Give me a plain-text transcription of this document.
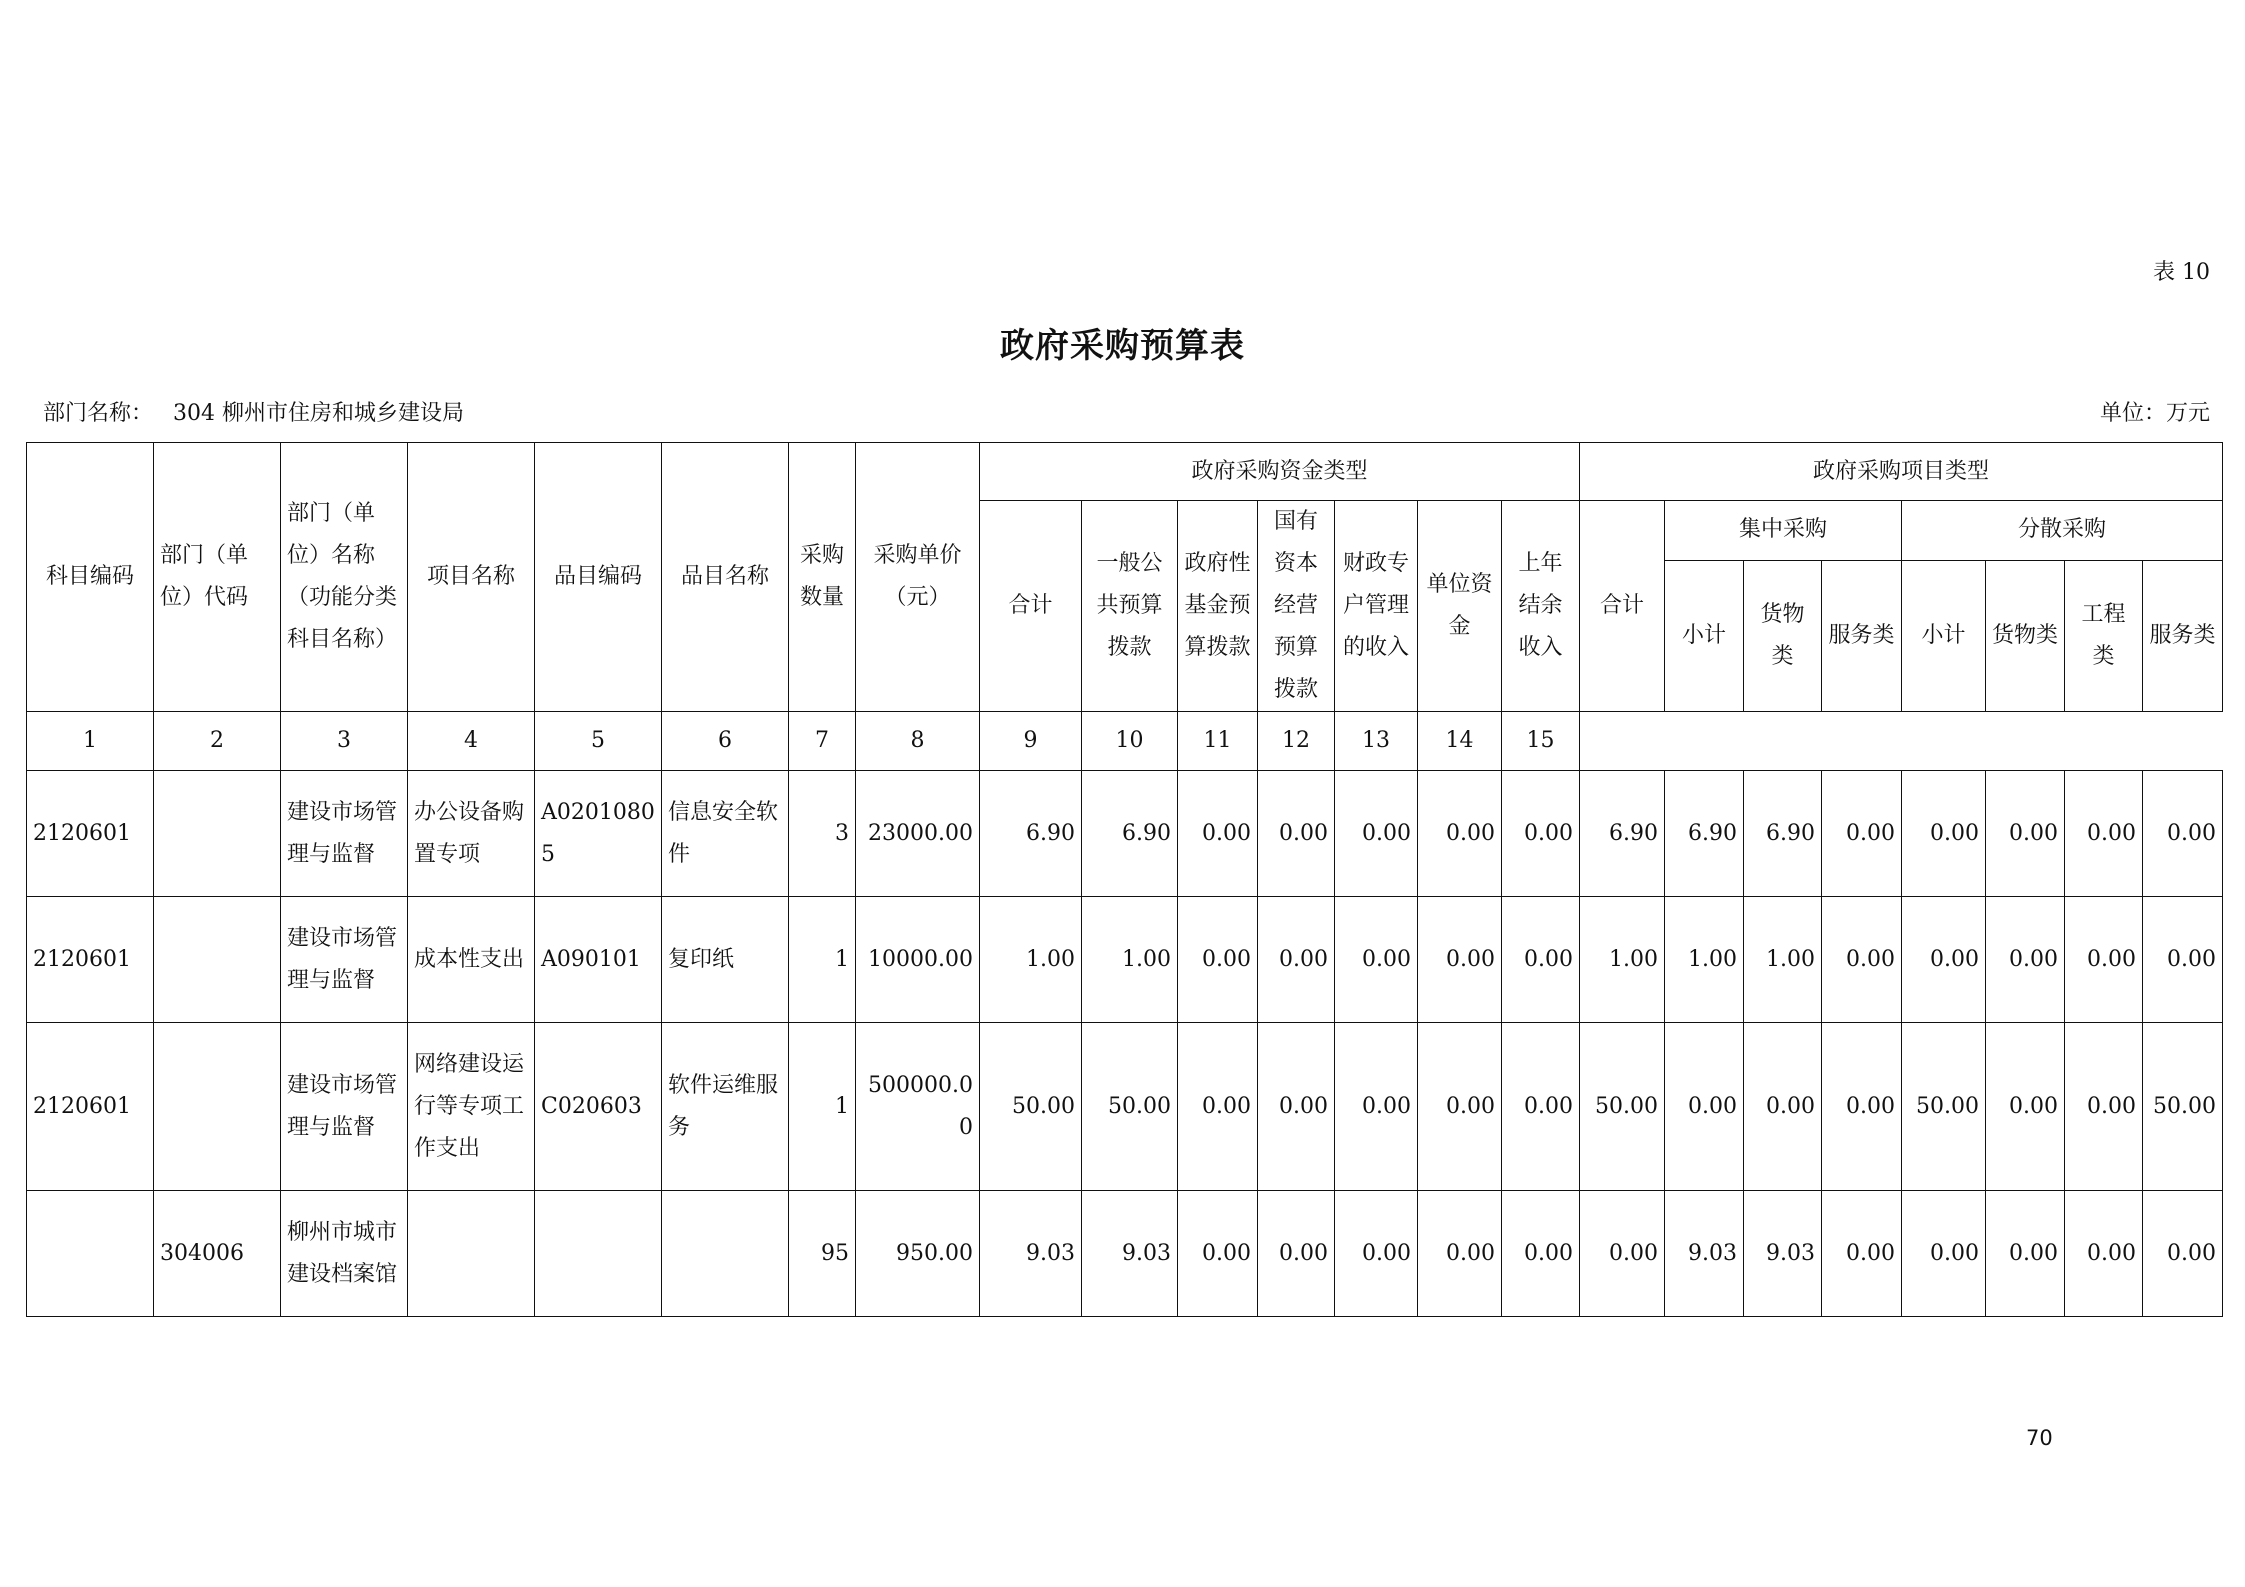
表 10
政府采购预算表
部门名称： 304 柳州市住房和城乡建设局	单位：万元
科目编码	部门（单位）代码	部门（单位）名称（功能分类科目名称）	项目名称	品目编码	品目名称	采购数量	采购单价（元）	政府采购资金类型							政府采购项目类型							
								合计	一般公共预算拨款	政府性基金预算拨款	国有资本经营预算拨款	财政专户管理的收入	单位资金	上年结余收入	合计	集中采购			分散采购			
																小计	货物类	服务类	小计	货物类	工程类	服务类
1	2	3	4	5	6	7	8	9	10	11	12	13	14	15								
2120601		建设市场管理与监督	办公设备购置专项	A02010805	信息安全软件	3	23000.00	6.90	6.90	0.00	0.00	0.00	0.00	0.00	6.90	6.90	6.90	0.00	0.00	0.00	0.00	0.00
2120601		建设市场管理与监督	成本性支出	A090101	复印纸	1	10000.00	1.00	1.00	0.00	0.00	0.00	0.00	0.00	1.00	1.00	1.00	0.00	0.00	0.00	0.00	0.00
2120601		建设市场管理与监督	网络建设运行等专项工作支出	C020603	软件运维服务	1	500000.00	50.00	50.00	0.00	0.00	0.00	0.00	0.00	50.00	0.00	0.00	0.00	50.00	0.00	0.00	50.00
	304006	柳州市城市建设档案馆				95	950.00	9.03	9.03	0.00	0.00	0.00	0.00	0.00	0.00	9.03	9.03	0.00	0.00	0.00	0.00	0.00
70
